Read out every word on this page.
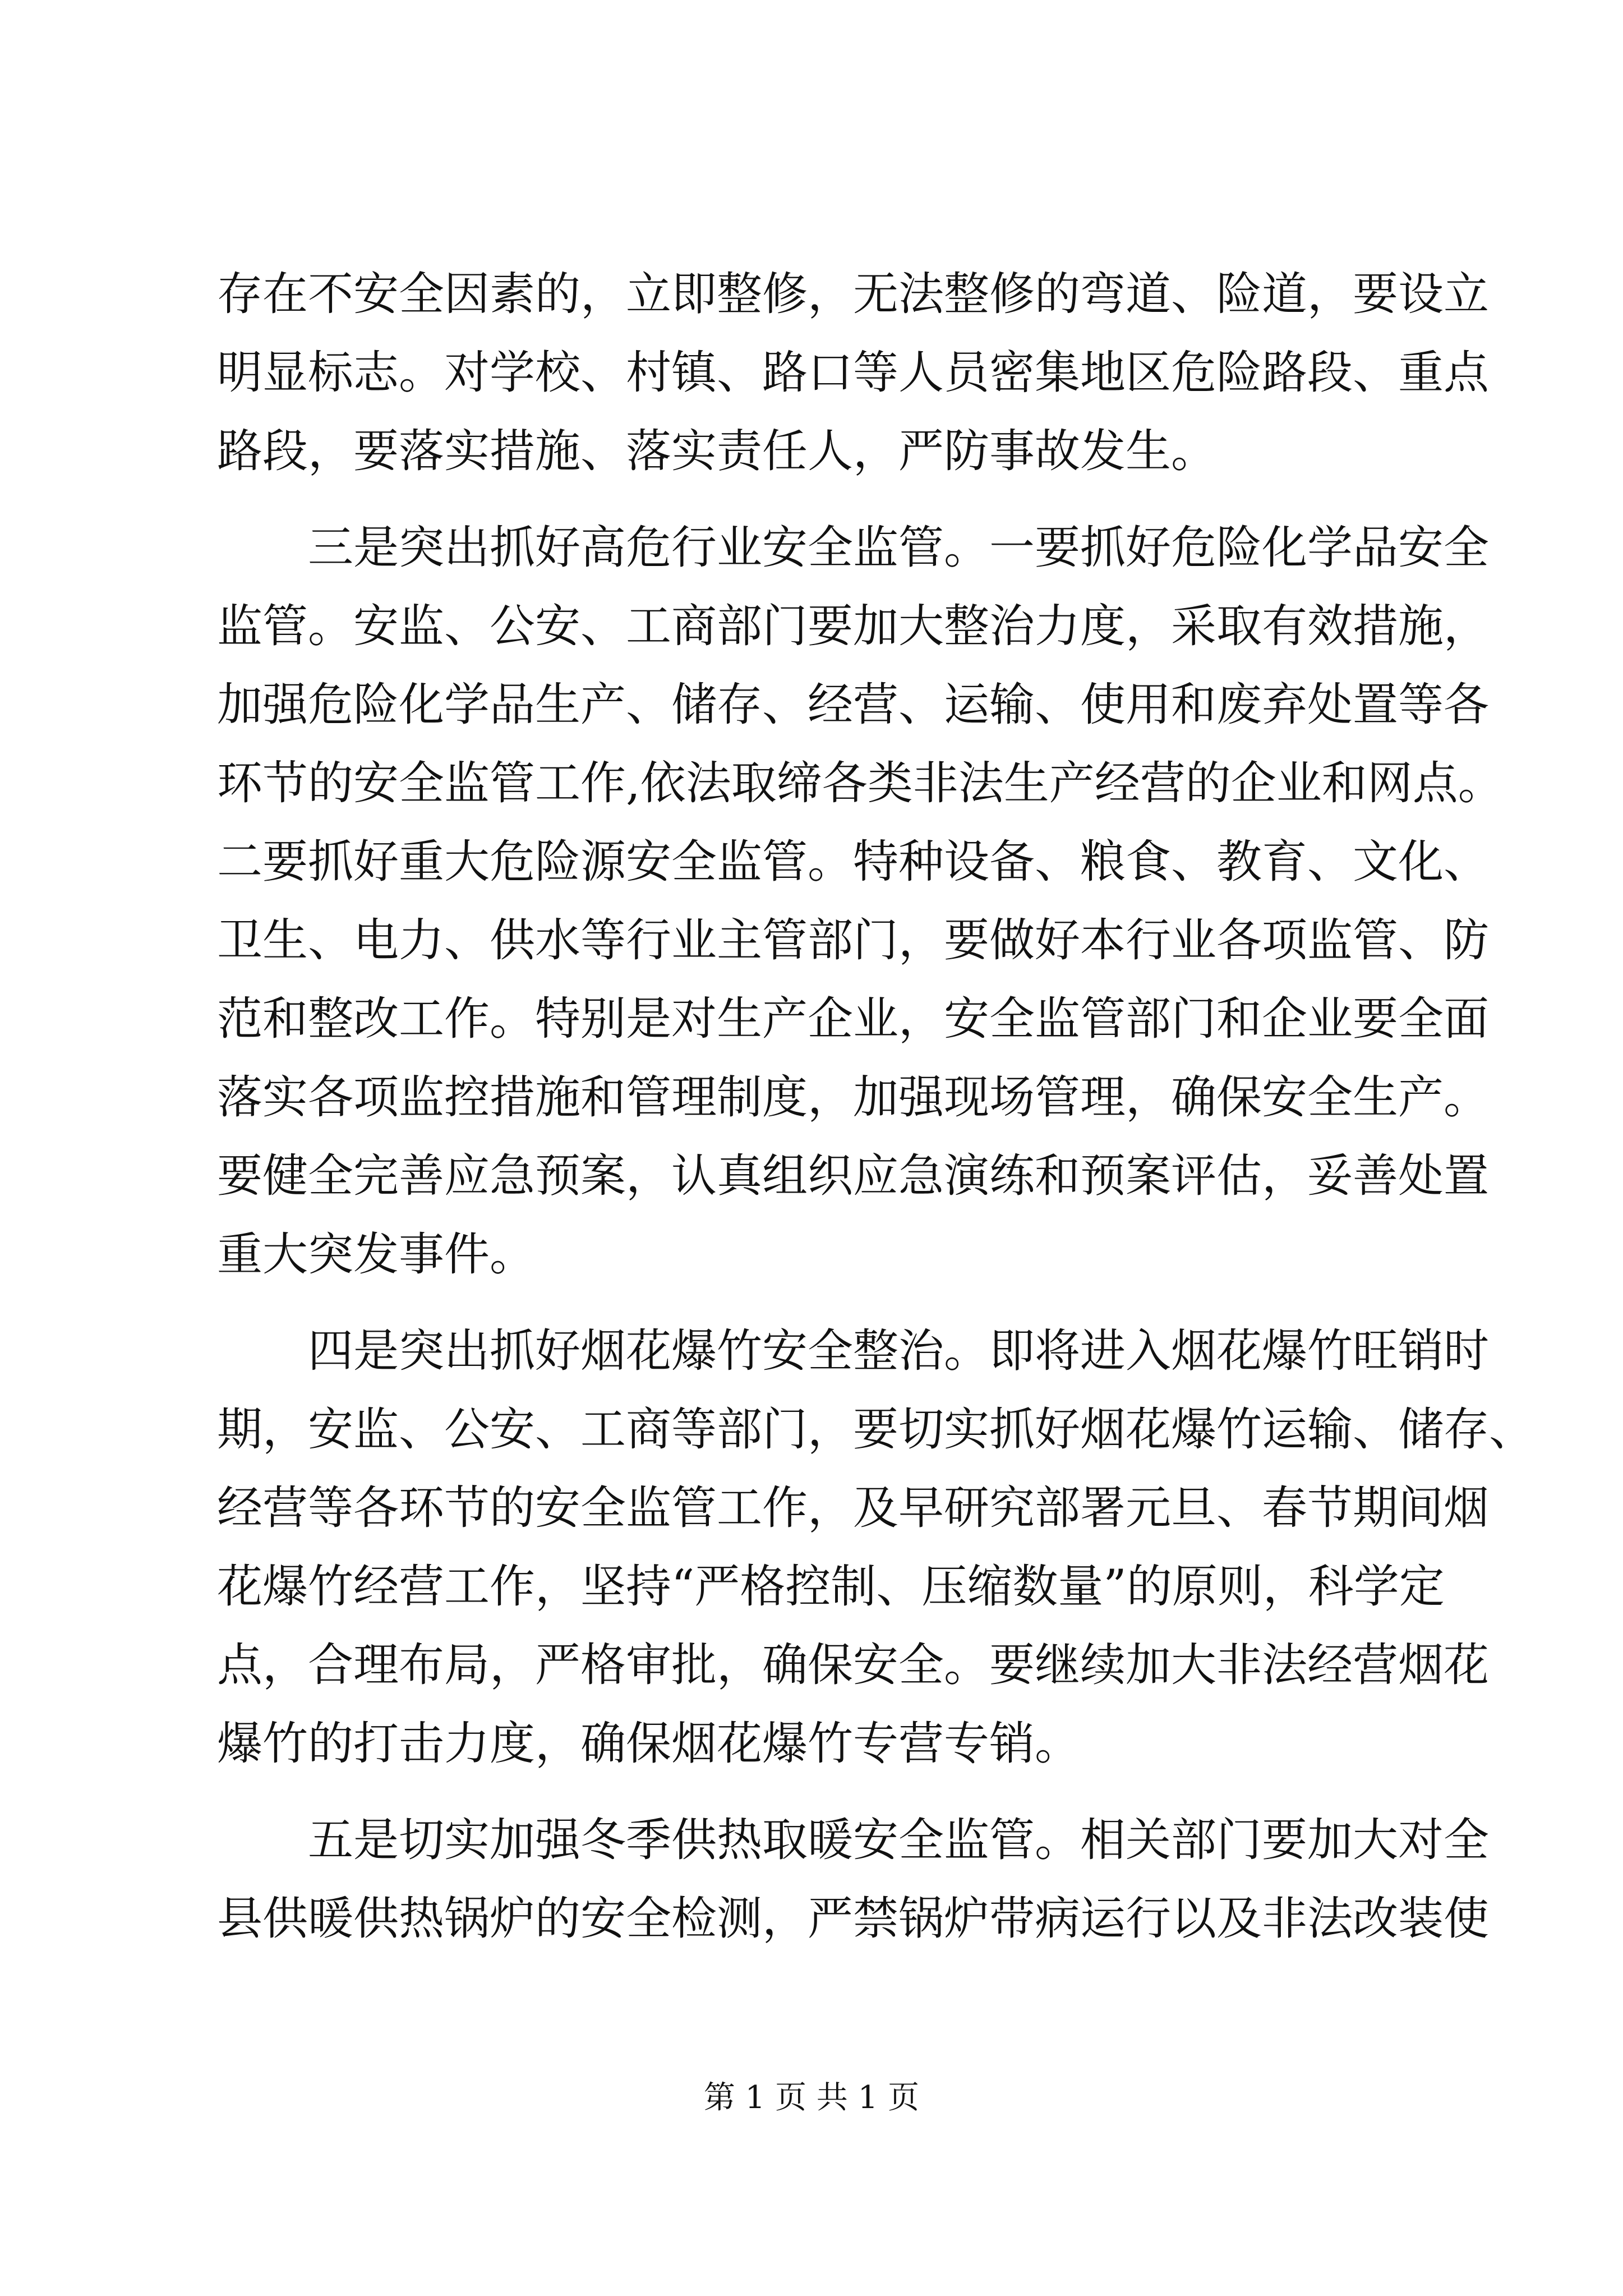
存在不安全因素的，立即整修，无法整修的弯道、险道，要设立
明显标志。对学校、村镇、路口等人员密集地区危险路段、重点
路段，要落实措施、落实责任人，严防事故发生。
三是突出抓好高危行业安全监管。一要抓好危险化学品安全
监管。安监、公安、工商部门要加大整治力度，采取有效措施，
加强危险化学品生产、储存、经营、运输、使用和废弃处置等各
环节的安全监管工作,依法取缔各类非法生产经营的企业和网点。
二要抓好重大危险源安全监管。特种设备、粮食、教育、文化、
卫生、电力、供水等行业主管部门，要做好本行业各项监管、防
范和整改工作。特别是对生产企业，安全监管部门和企业要全面
落实各项监控措施和管理制度，加强现场管理，确保安全生产。
要健全完善应急预案，认真组织应急演练和预案评估，妥善处置
重大突发事件。
四是突出抓好烟花爆竹安全整治。即将进入烟花爆竹旺销时
期，安监、公安、工商等部门，要切实抓好烟花爆竹运输、储存、
经营等各环节的安全监管工作，及早研究部署元旦、春节期间烟
花爆竹经营工作，坚持“严格控制、压缩数量”的原则，科学定
点，合理布局，严格审批，确保安全。要继续加大非法经营烟花
爆竹的打击力度，确保烟花爆竹专营专销。
五是切实加强冬季供热取暖安全监管。相关部门要加大对全
县供暖供热锅炉的安全检测，严禁锅炉带病运行以及非法改装使
第 1 页 共 1 页
